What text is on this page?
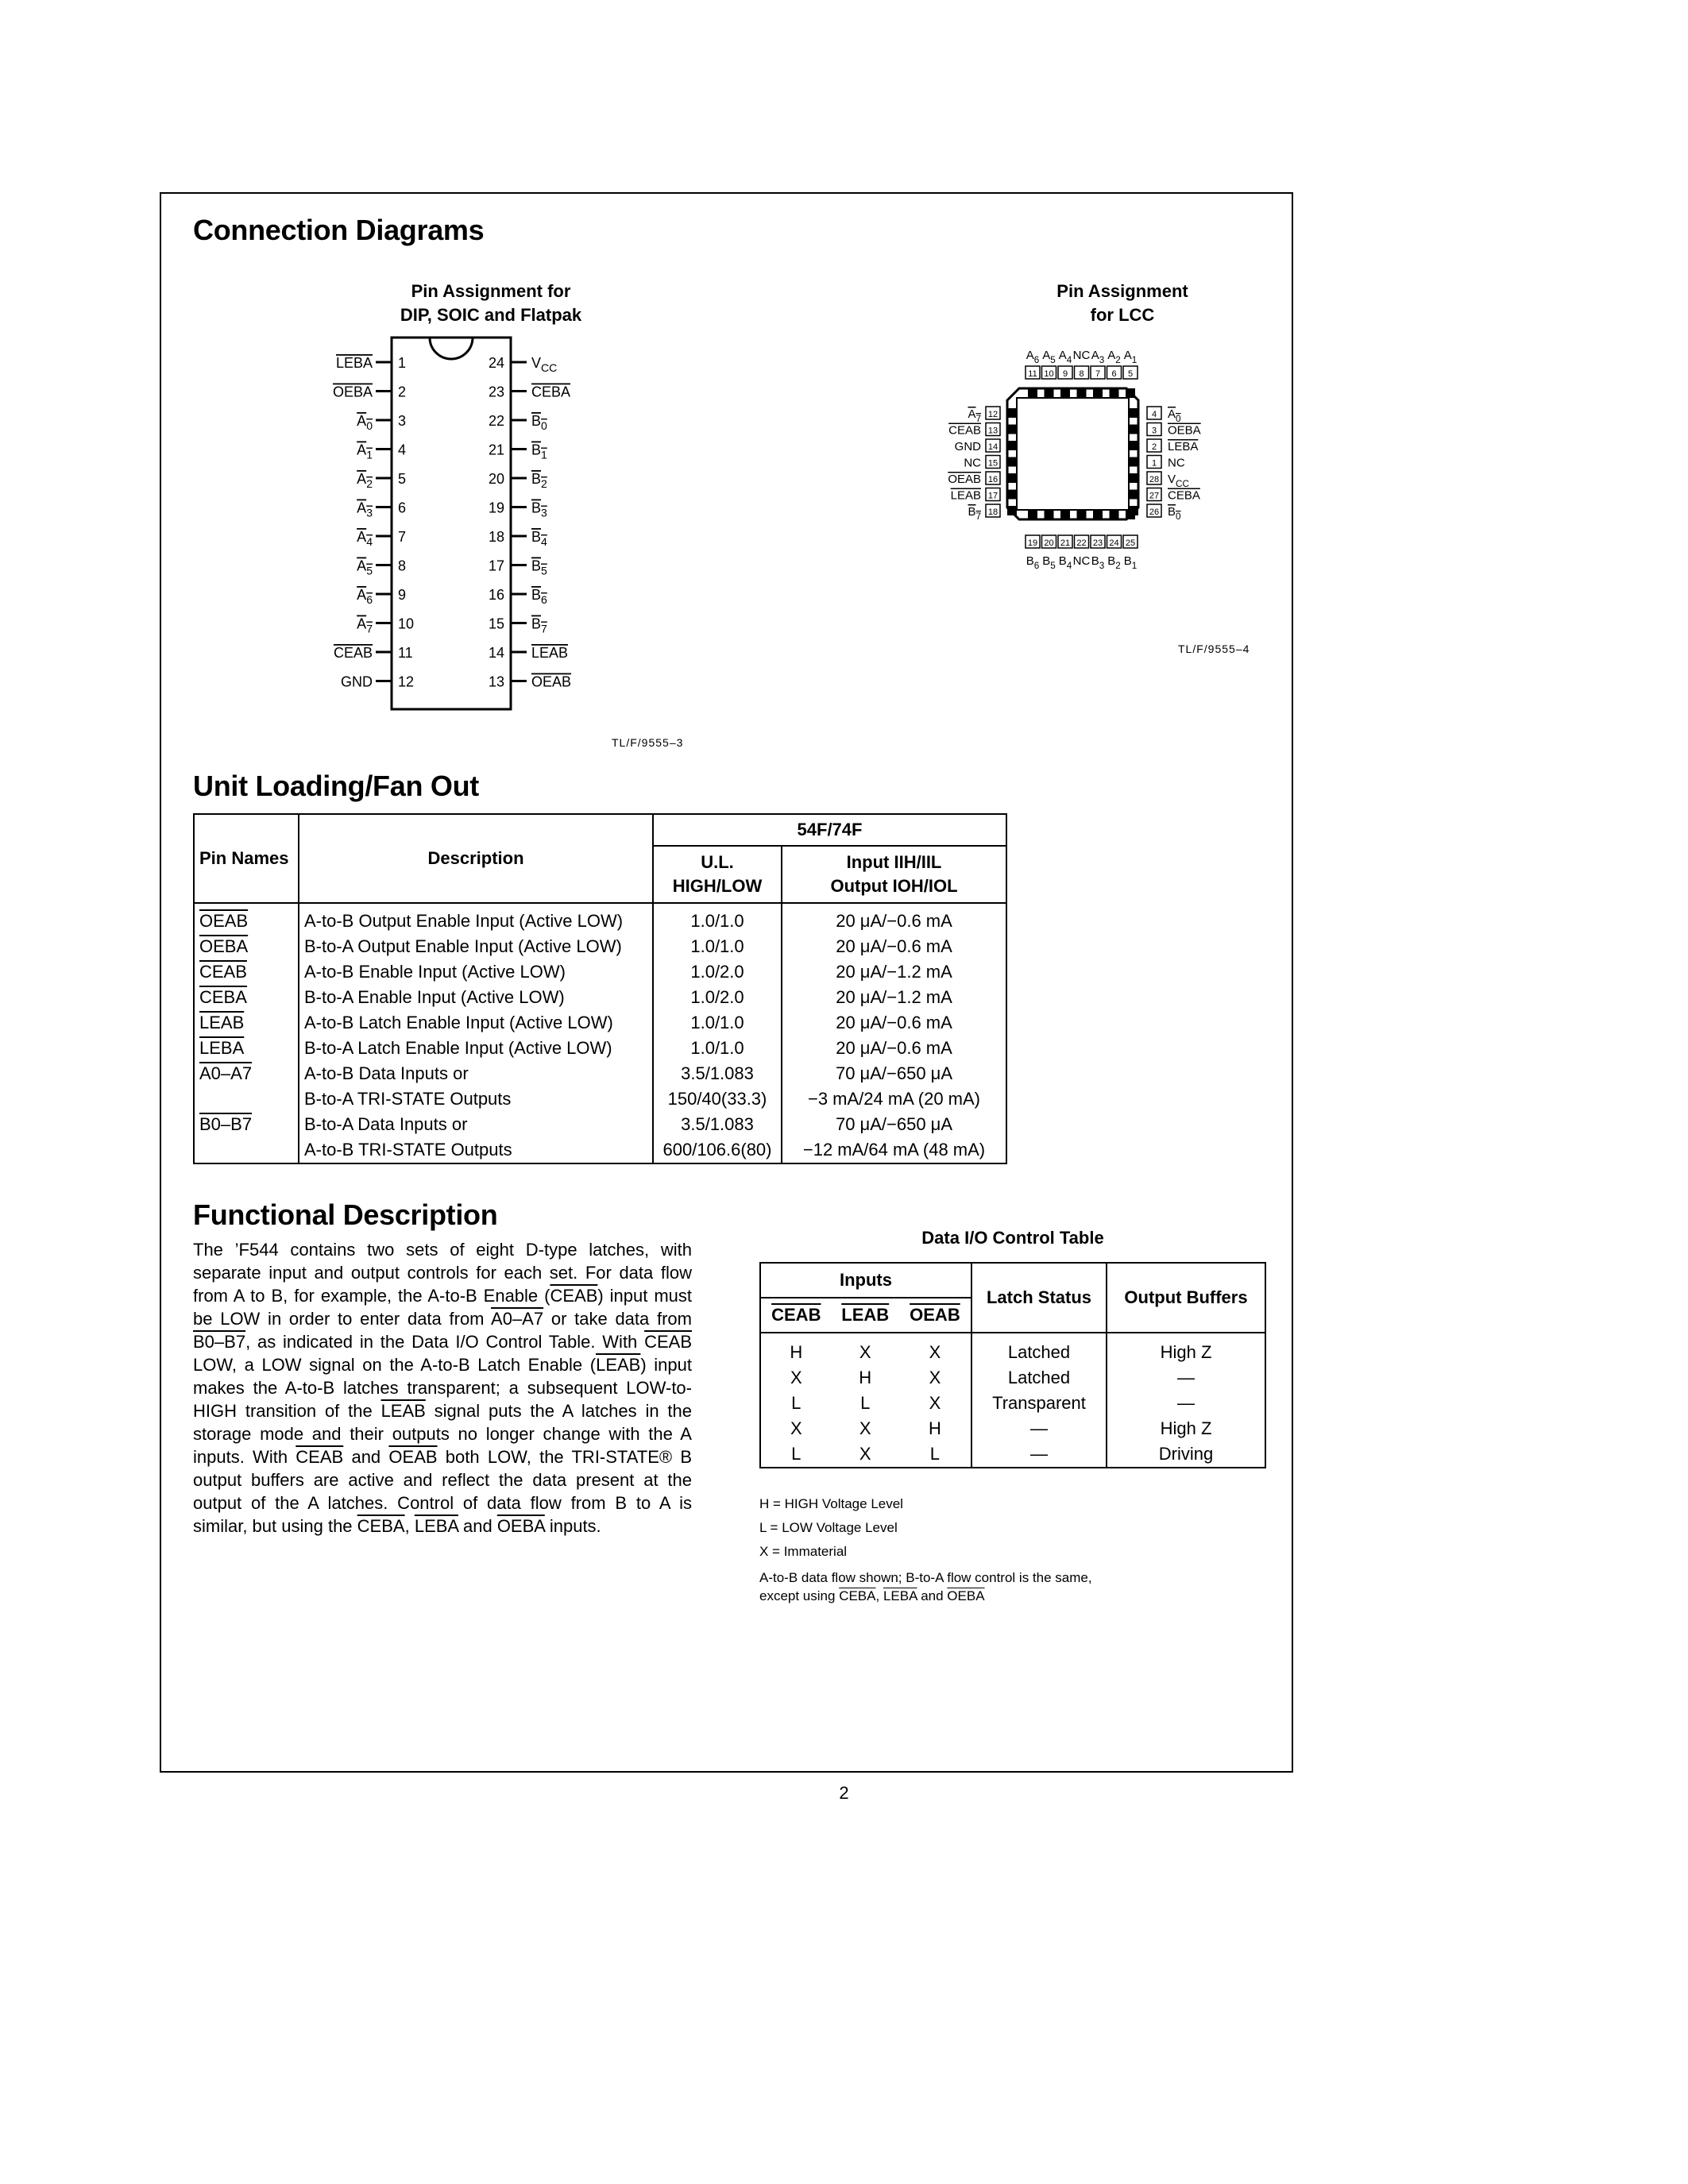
Connection Diagrams
Pin Assignment for
DIP, SOIC and Flatpak
Pin Assignment
for LCC
1
LEBA
2
OEBA
3
$A_0$
4
$A_1$
5
$A_2$
6
$A_3$
7
$A_4$
8
$A_5$
9
$A_6$
10
$A_7$
11
CEAB
12
GND
24 $V_{CC}$
23 CEBA
22 $B_0$
21 $B_1$
20 $B_2$
19 $B_3$
18 $B_4$
17 $B_5$
16 $B_6$
15 $B_7$
14 LEAB
13 OEAB
TL/F/9555–3
11
$A_6$
10
$A_5$
9
$A_4$
8
NC
7
$A_3$
6
$A_2$
5
$A_1$
19
$B_6$
20
$B_5$
21
$B_4$
22
NC
23
$B_3$
24
$B_2$
25
$B_1$
12
$A_7$
13
CEAB
14
GND
15
NC
16
OEAB
17
LEAB
18
$B_7$
4 $A_0$
3 OEBA
2 LEBA
1 NC
28 $V_{CC}$
27 CEBA
26 $B_0$
TL/F/9555–4
Unit Loading/Fan Out
Pin Names	Description	54F/74F	
		U.L.
HIGH/LOW	Input IIH/IIL
Output IOH/IOL
OEAB	A-to-B Output Enable Input (Active LOW)	1.0/1.0	20 μA/−0.6 mA
OEBA	B-to-A Output Enable Input (Active LOW)	1.0/1.0	20 μA/−0.6 mA
CEAB	A-to-B Enable Input (Active LOW)	1.0/2.0	20 μA/−1.2 mA
CEBA	B-to-A Enable Input (Active LOW)	1.0/2.0	20 μA/−1.2 mA
LEAB	A-to-B Latch Enable Input (Active LOW)	1.0/1.0	20 μA/−0.6 mA
LEBA	B-to-A Latch Enable Input (Active LOW)	1.0/1.0	20 μA/−0.6 mA
A0–A7	A-to-B Data Inputs or	3.5/1.083	70 μA/−650 μA
	B-to-A TRI-STATE Outputs	150/40(33.3)	−3 mA/24 mA (20 mA)
B0–B7	B-to-A Data Inputs or	3.5/1.083	70 μA/−650 μA
	A-to-B TRI-STATE Outputs	600/106.6(80)	−12 mA/64 mA (48 mA)
Functional Description
The ’F544 contains two sets of eight D-type latches, with separate input and output controls for each set. For data flow from A to B, for example, the A-to-B Enable (CEAB) input must be LOW in order to enter data from A0–A7 or take data from B0–B7, as indicated in the Data I/O Control Table. With CEAB LOW, a LOW signal on the A-to-B Latch Enable (LEAB) input makes the A-to-B latches transparent; a subsequent LOW-to-HIGH transition of the LEAB signal puts the A latches in the storage mode and their outputs no longer change with the A inputs. With CEAB and OEAB both LOW, the TRI-STATE® B output buffers are active and reflect the data present at the output of the A latches. Control of data flow from B to A is similar, but using the CEBA, LEBA and OEBA inputs.
Data I/O Control Table
Inputs			Latch Status	Output Buffers
CEAB	LEAB	OEAB		
H	X	X	Latched	High Z
X	H	X	Latched	—
L	L	X	Transparent	—
X	X	H	—	High Z
L	X	L	—	Driving
H = HIGH Voltage Level
L = LOW Voltage Level
X = Immaterial
A-to-B data flow shown; B-to-A flow control is the same,
except using CEBA, LEBA and OEBA
2
